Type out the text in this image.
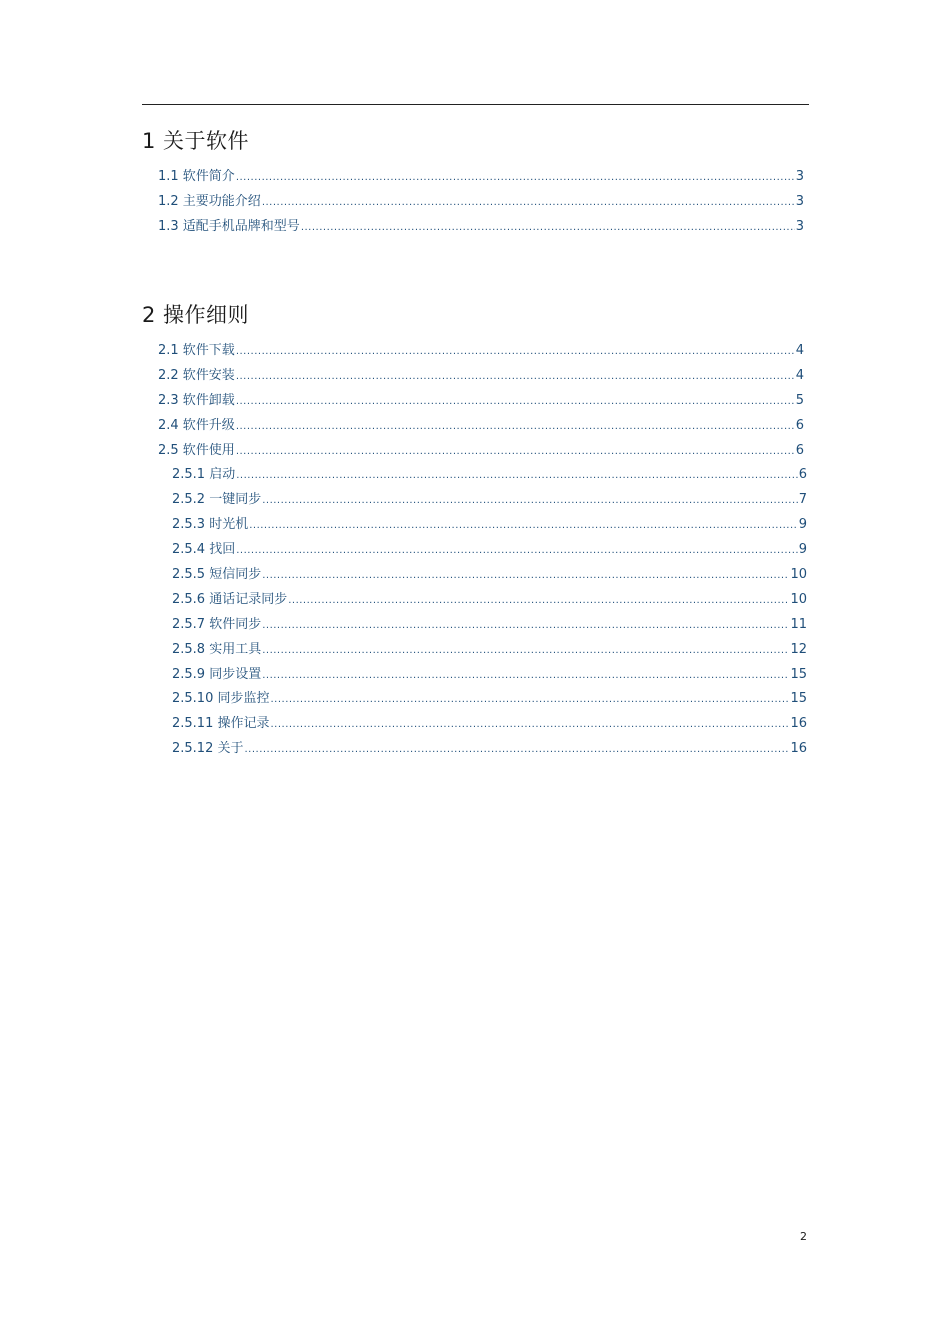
1 关于软件
1.1 软件简介 .....	3
1.2 主要功能介绍 .....	3
1.3 适配手机品牌和型号 .....	3
2 操作细则
2.1 软件下载 .....	4
2.2 软件安装 .....	4
2.3 软件卸载 .....	5
2.4 软件升级 .....	6
2.5 软件使用 .....	6
2.5.1 启动 .....	6
2.5.2 一键同步 .....	7
2.5.3 时光机 .....	9
2.5.4 找回 .....	9
2.5.5 短信同步 .....	10
2.5.6 通话记录同步 .....	10
2.5.7 软件同步 .....	11
2.5.8 实用工具 .....	12
2.5.9 同步设置 .....	15
2.5.10 同步监控 .....	15
2.5.11 操作记录 .....	16
2.5.12 关于 .....	16
2
